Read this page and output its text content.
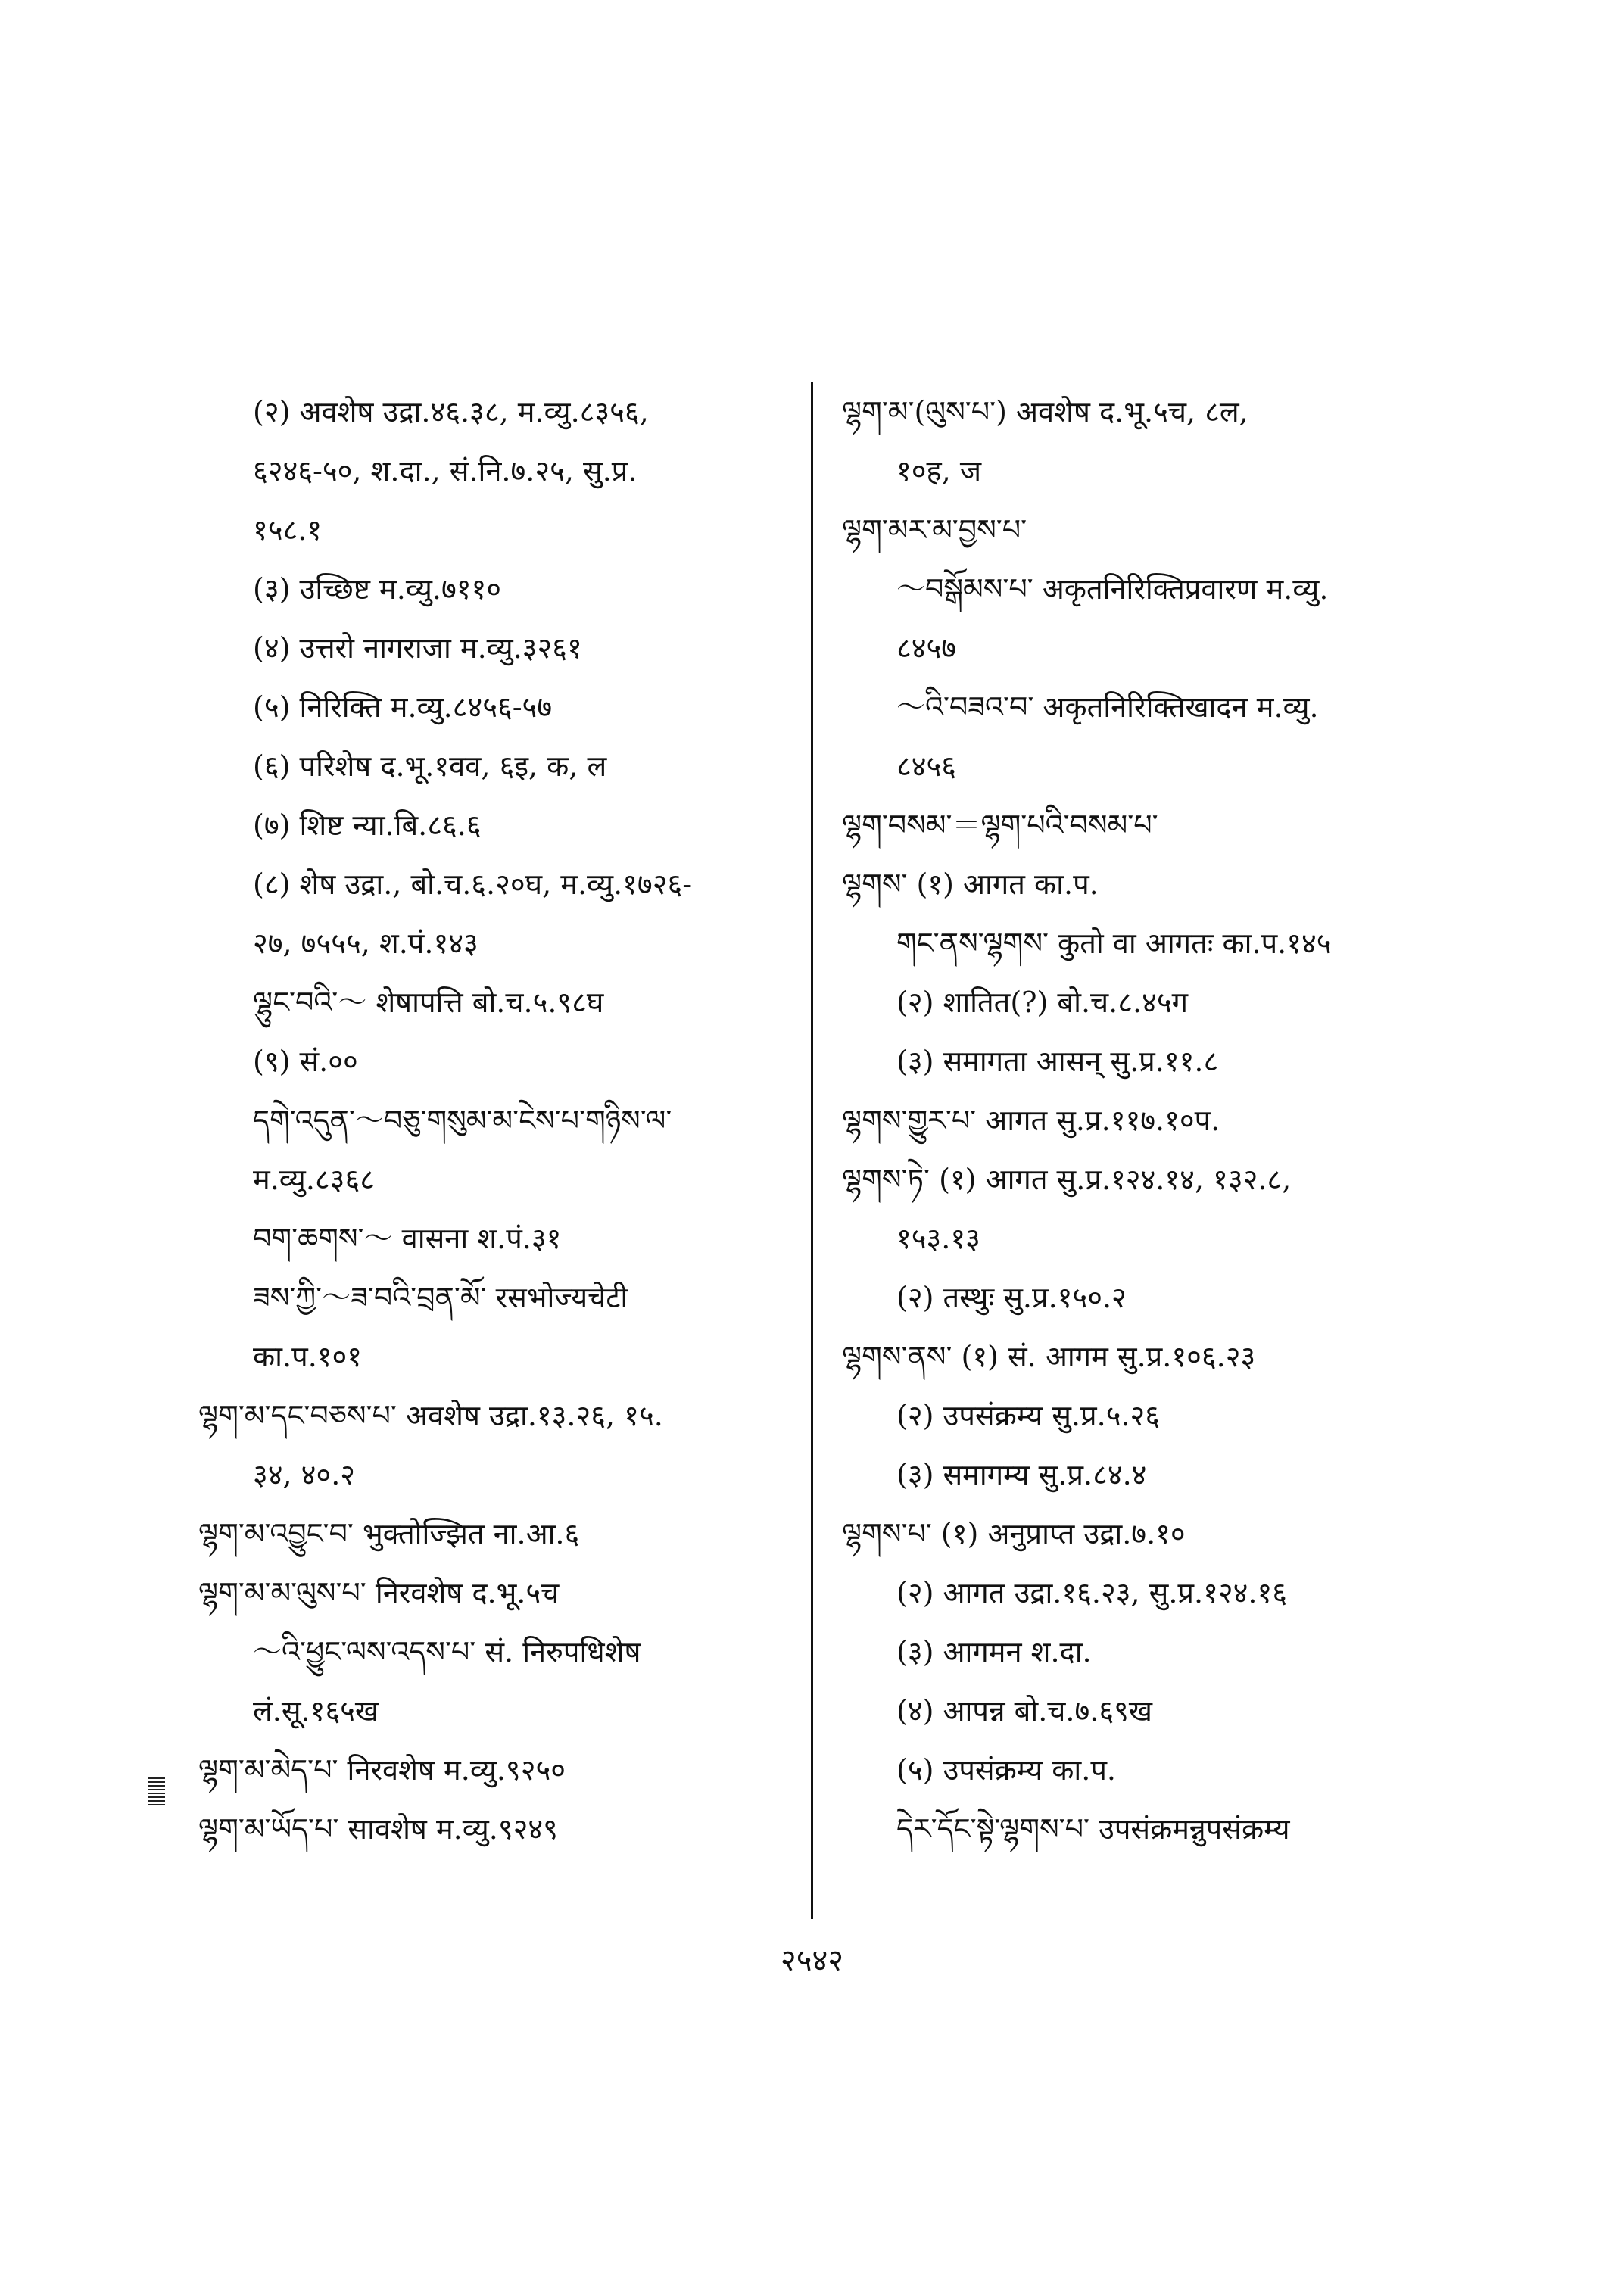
(२) अवशेष उद्रा.४६.३८, म.व्यु.८३५६,
६२४६-५०, श.दा., सं.नि.७.२५, सु.प्र.
१५८.१
(३) उच्छिष्ट म.व्यु.७११०
(४) उत्तरो नागराजा म.व्यु.३२६१
(५) निरिक्ति म.व्यु.८४५६-५७
(६) परिशेष द.भू.१वव, ६इ, क, ल
(७) शिष्ट न्या.बि.८६.६
(८) शेष उद्रा., बो.च.६.२०घ, म.व्यु.१७२६-
२७, ७५५५, श.पं.१४३
ལྷུང་བའི་～ शेषापत्ति बो.च.५.९८घ
(९) सं.००
དགེ་འདུན་～བཅུ་གསུམ་མ་ངེས་པ་གཉིས་ལ་
म.व्यु.८३६८
བག་ཆགས་～ वासना श.पं.३१
ཟས་ཀྱི་～ཟ་བའི་བྲན་མོ་ रसभोज्यचेटी
का.प.१०१
ལྷག་མ་དང་བཅས་པ་ अवशेष उद्रा.१३.२६, १५.
३४, ४०.२
ལྷག་མ་འབྱུང་བ་ भुक्तोज्झित ना.आ.६
ལྷག་མ་མ་ལུས་པ་ निरवशेष द.भू.५च
～འི་ཕྱུང་ལས་འདས་པ་ सं. निरुपधिशेष
लं.सू.१६५ख
ལྷག་མ་མེད་པ་ निरवशेष म.व्यु.९२५०
ལྷག་མ་ཡོད་པ་ सावशेष म.व्यु.९२४९
ལྷག་མ་(ལུས་པ་) अवशेष द.भू.५च, ८ल,
१०ह, ज
ལྷག་མར་མ་བྱས་པ་
～བསྒོམས་པ་ अकृतनिरिक्तिप्रवारण म.व्यु.
८४५७
～འི་བཟའ་བ་ अकृतनिरिक्तिखादन म.व्यु.
८४५६
ལྷག་བསམ་＝ལྷག་པའི་བསམ་པ་
ལྷགས་ (१) आगत का.प.
གང་ནས་ལྷགས་ कुतो वा आगतः का.प.१४५
(२) शातित(?) बो.च.८.४५ग
(३) समागता आसन् सु.प्र.११.८
ལྷགས་གྱུར་པ་ आगत सु.प्र.११७.१०प.
ལྷགས་ཏེ་ (१) आगत सु.प्र.१२४.१४, १३२.८,
१५३.१३
(२) तस्थुः सु.प्र.१५०.२
ལྷགས་ནས་ (१) सं. आगम सु.प्र.१०६.२३
(२) उपसंक्रम्य सु.प्र.५.२६
(३) समागम्य सु.प्र.८४.४
ལྷགས་པ་ (१) अनुप्राप्त उद्रा.७.१०
(२) आगत उद्रा.१६.२३, सु.प्र.१२४.१६
(३) आगमन श.दा.
(४) आपन्न बो.च.७.६९ख
(५) उपसंक्रम्य का.प.
དེར་དོང་སྟེ་ལྷགས་པ་ उपसंक्रमन्नुपसंक्रम्य
२५४२
